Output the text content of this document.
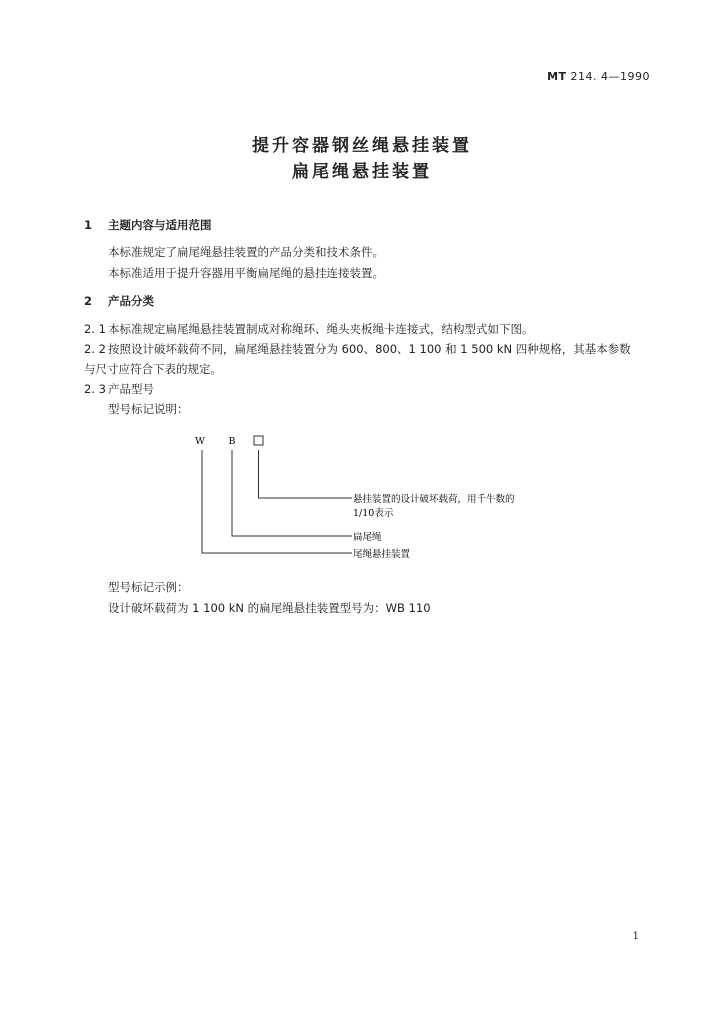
MT 214. 4—1990
提升容器钢丝绳悬挂装置
扁尾绳悬挂装置
1 主题内容与适用范围
本标准规定了扁尾绳悬挂装置的产品分类和技术条件。
本标准适用于提升容器用平衡扁尾绳的悬挂连接装置。
2 产品分类
2. 1 本标准规定扁尾绳悬挂装置制成对称绳环、绳头夹板绳卡连接式，结构型式如下图。
2. 2 按照设计破坏载荷不同，扁尾绳悬挂装置分为 600、800、1 100 和 1 500 kN 四种规格，其基本参数
与尺寸应符合下表的规定。
2. 3 产品型号
型号标记说明：
W B
悬挂装置的设计破坏载荷，用千牛数的
1/10表示
扁尾绳
尾绳悬挂装置
型号标记示例：
设计破坏载荷为 1 100 kN 的扁尾绳悬挂装置型号为：WB 110
1
